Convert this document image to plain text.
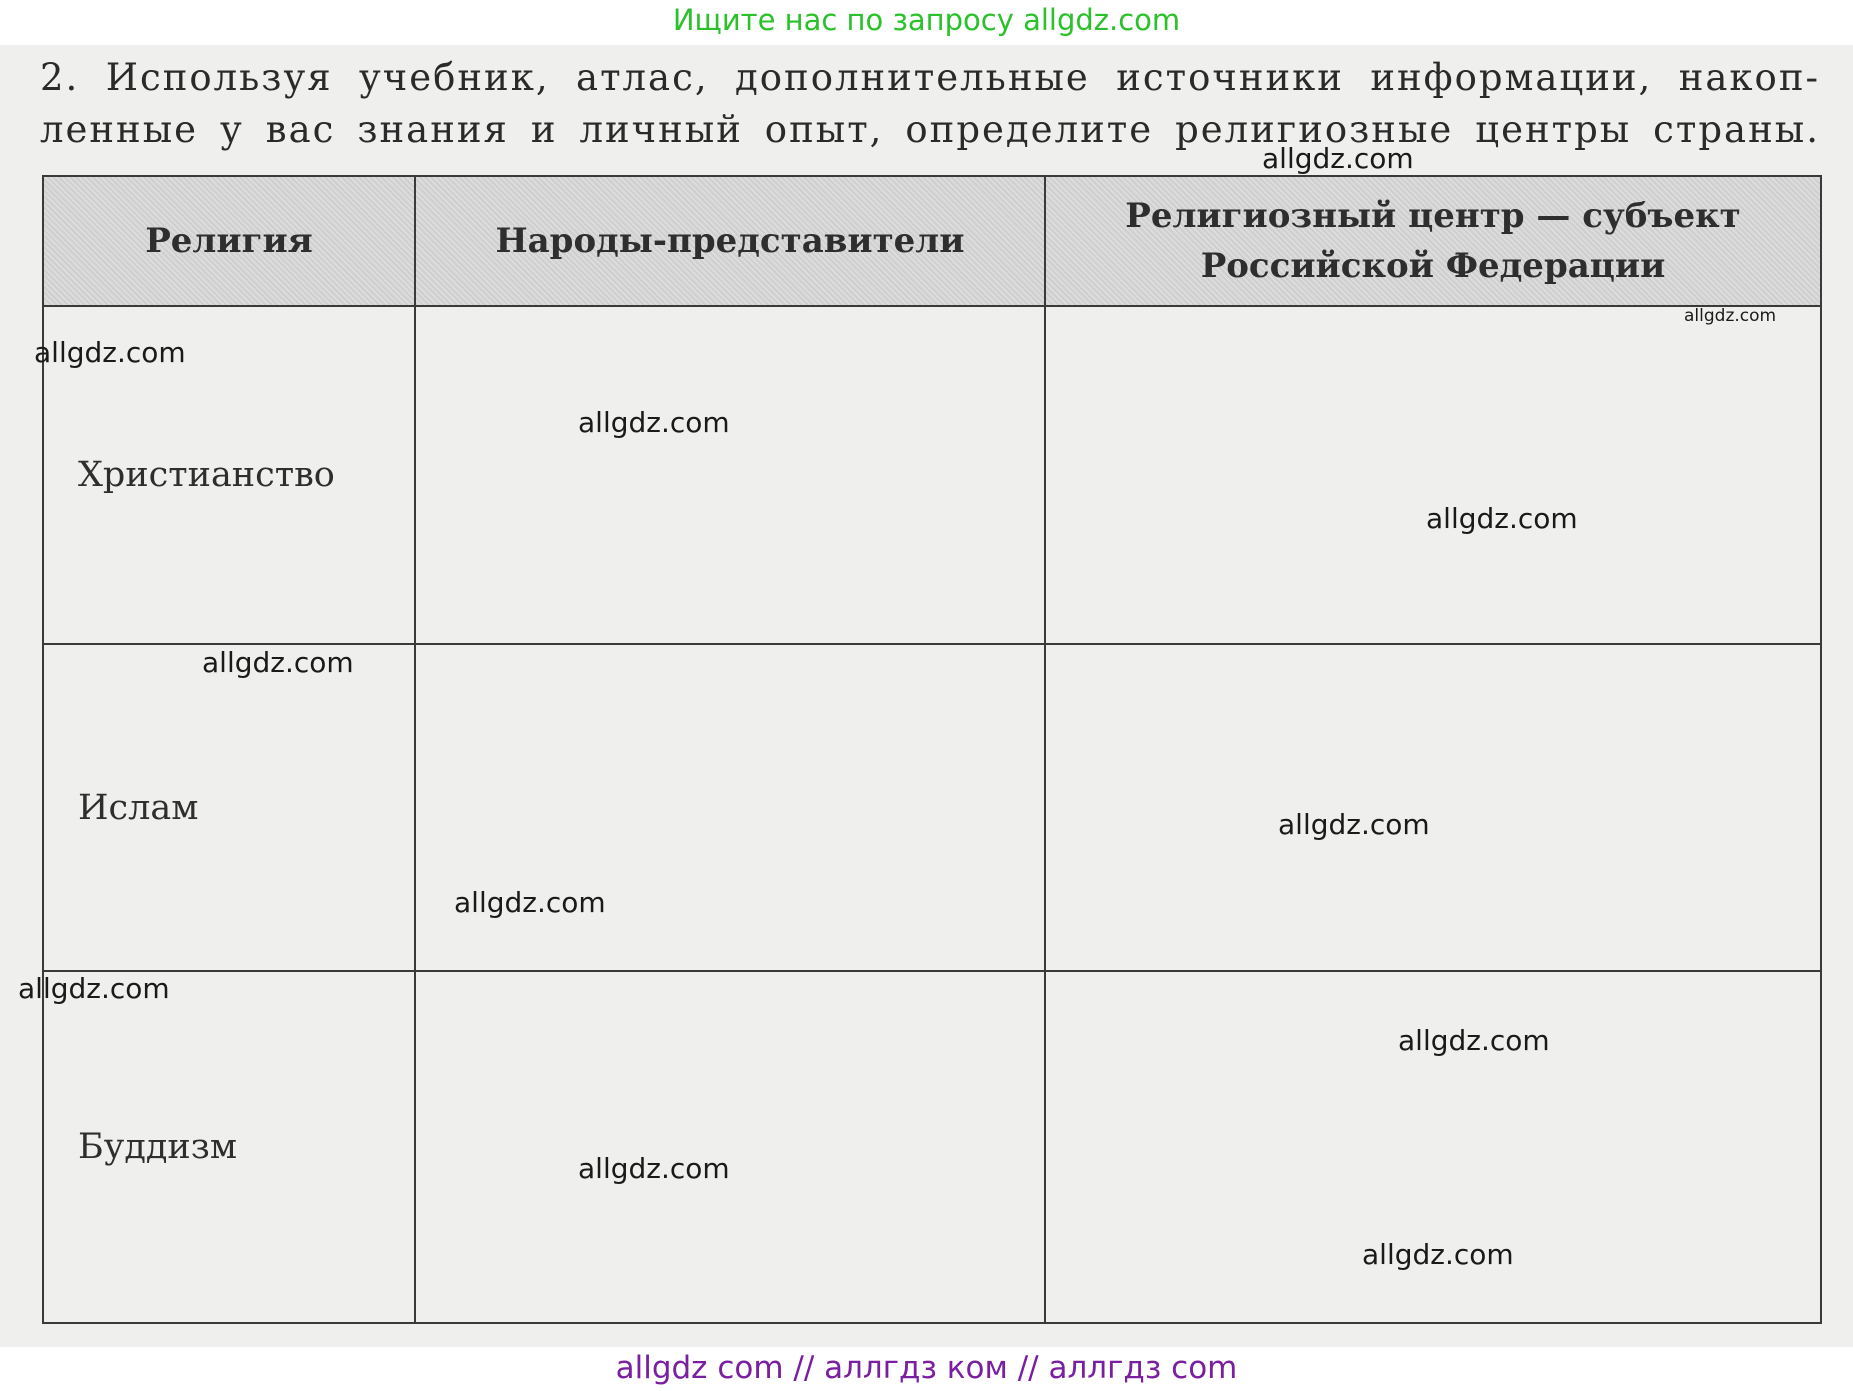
Ищите нас по запросу allgdz.com
2. Используя учебник, атлас, дополнительные источники информации, накоп-
ленные у вас знания и личный опыт, определите религиозные центры страны.
Религия	Народы-представители	Религиозный центр — субъект Российской Федерации
Христианство		
Ислам		
Буддизм		
allgdz.com
allgdz.com
allgdz.com
allgdz.com
allgdz.com
allgdz.com
allgdz.com
allgdz.com
allgdz.com
allgdz.com
allgdz.com
allgdz.com
allgdz com // аллгдз ком // аллгдз com
